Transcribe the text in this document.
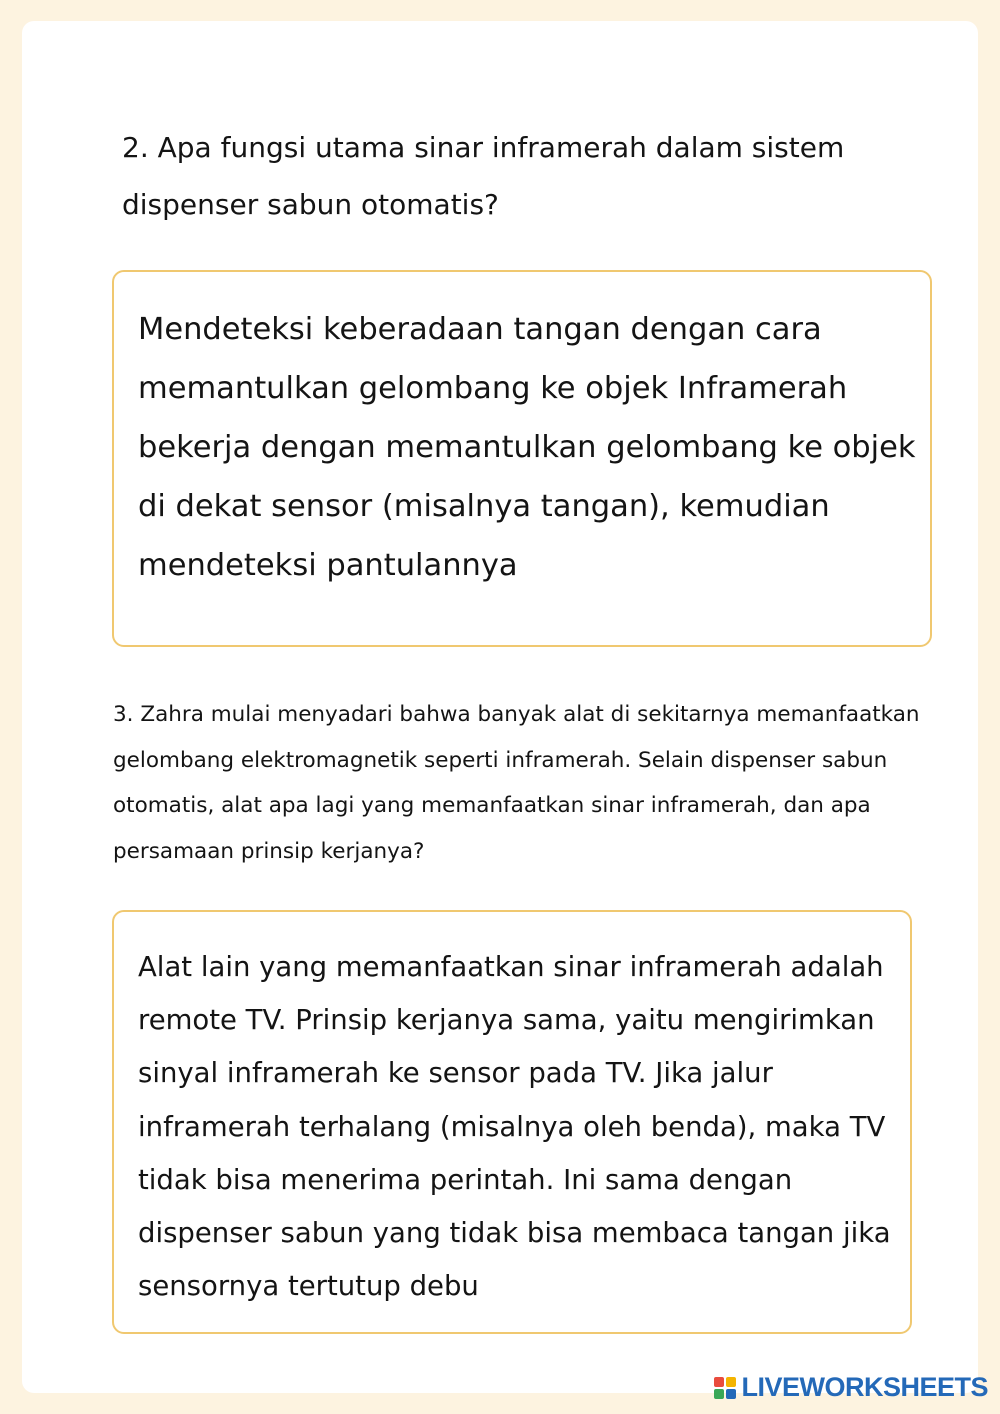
2. Apa fungsi utama sinar inframerah dalam sistem dispenser sabun otomatis?

Mendeteksi keberadaan tangan dengan cara memantulkan gelombang ke objek Inframerah bekerja dengan memantulkan gelombang ke objek di dekat sensor (misalnya tangan), kemudian mendeteksi pantulannya

3. Zahra mulai menyadari bahwa banyak alat di sekitarnya memanfaatkan gelombang elektromagnetik seperti inframerah. Selain dispenser sabun otomatis, alat apa lagi yang memanfaatkan sinar inframerah, dan apa persamaan prinsip kerjanya?

Alat lain yang memanfaatkan sinar inframerah adalah remote TV. Prinsip kerjanya sama, yaitu mengirimkan sinyal inframerah ke sensor pada TV. Jika jalur inframerah terhalang (misalnya oleh benda), maka TV tidak bisa menerima perintah. Ini sama dengan dispenser sabun yang tidak bisa membaca tangan jika sensornya tertutup debu

LIVEWORKSHEETS
